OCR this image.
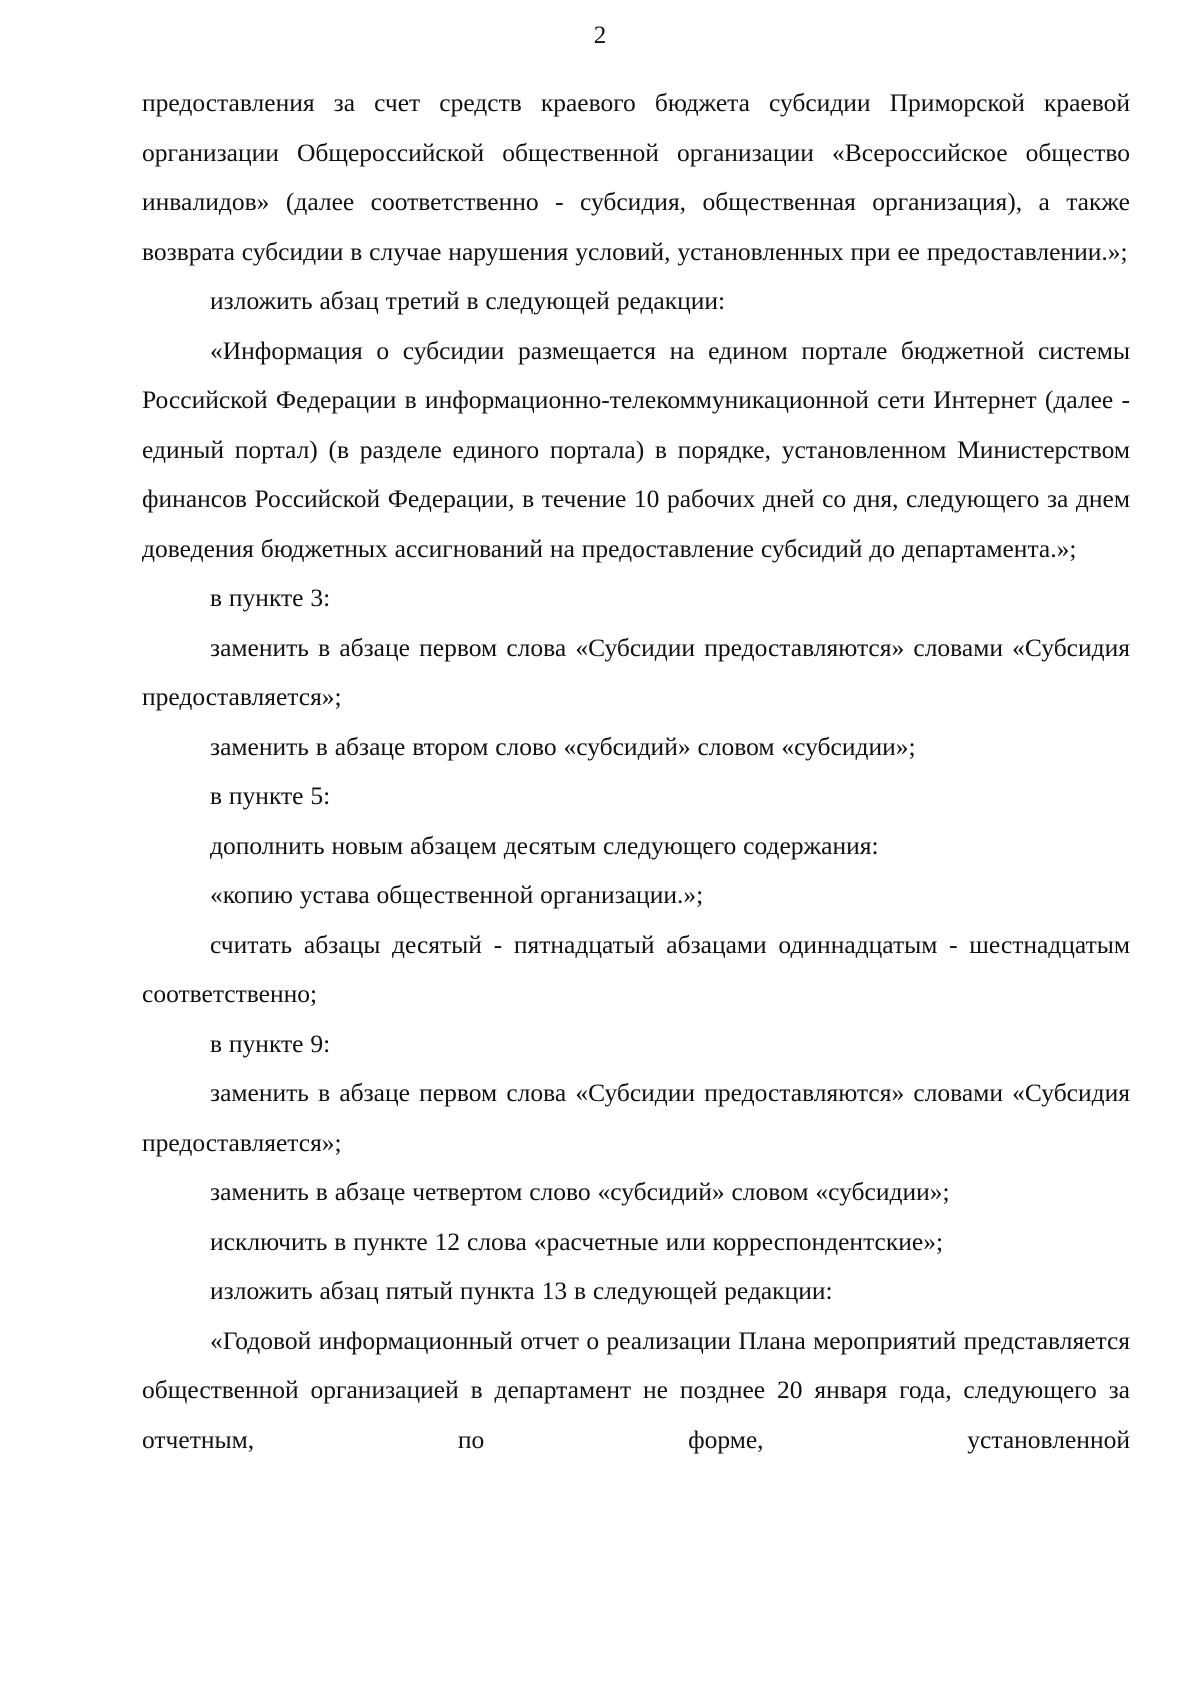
2

предоставления за счет средств краевого бюджета субсидии Приморской краевой организации Общероссийской общественной организации «Всероссийское общество инвалидов» (далее соответственно - субсидия, общественная организация), а также возврата субсидии в случае нарушения условий, установленных при ее предоставлении.»;

изложить абзац третий в следующей редакции:

«Информация о субсидии размещается на едином портале бюджетной системы Российской Федерации в информационно-телекоммуникационной сети Интернет (далее - единый портал) (в разделе единого портала) в порядке, установленном Министерством финансов Российской Федерации, в течение 10 рабочих дней со дня, следующего за днем доведения бюджетных ассигнований на предоставление субсидий до департамента.»;

в пункте 3:

заменить в абзаце первом слова «Субсидии предоставляются» словами «Субсидия предоставляется»;

заменить в абзаце втором слово «субсидий» словом «субсидии»;

в пункте 5:

дополнить новым абзацем десятым следующего содержания:

«копию устава общественной организации.»;

считать абзацы десятый - пятнадцатый абзацами одиннадцатым - шестнадцатым соответственно;

в пункте 9:

заменить в абзаце первом слова «Субсидии предоставляются» словами «Субсидия предоставляется»;

заменить в абзаце четвертом слово «субсидий» словом «субсидии»;

исключить в пункте 12 слова «расчетные или корреспондентские»;

изложить абзац пятый пункта 13 в следующей редакции:

«Годовой информационный отчет о реализации Плана мероприятий представляется общественной организацией в департамент не позднее 20 января года, следующего за отчетным, по форме, установленной
